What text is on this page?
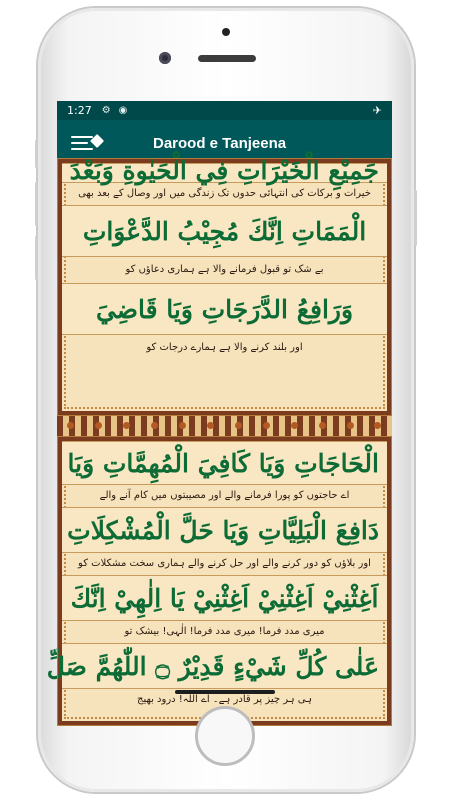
1:27 ⚙ ◉	✈
Darood e Tanjeena
جَمِيْعِ الْخَيْرَاتِ فِي الْحَيٰوةِ وَبَعْدَ
خیرات و برکات کی انتہائی حدوں تک زندگی میں اور وصال کے بعد بھی
الْمَمَاتِ اِنَّكَ مُجِيْبُ الدَّعْوَاتِ
بے شک تو قبول فرمانے والا ہے ہماری دعاؤں کو
وَرَافِعُ الدَّرَجَاتِ وَيَا قَاضِيَ
اور بلند کرنے والا ہے ہمارے درجات کو
الْحَاجَاتِ وَيَا كَافِيَ الْمُهِمَّاتِ وَيَا
اے حاجتوں کو پورا فرمانے والے اور مصیبتوں میں کام آنے والے
دَافِعَ الْبَلِيَّاتِ وَيَا حَلَّ الْمُشْكِلَاتِ
اور بلاؤں کو دور کرنے والے اور حل کرنے والے ہماری سخت مشکلات کو
اَغِثْنِيْ اَغِثْنِيْ اَغِثْنِيْ يَا اِلٰهِيْ اِنَّكَ
میری مدد فرما! میری مدد فرما! الٰہی! بیشک تو
عَلٰى كُلِّ شَيْءٍ قَدِيْرٌ ۝ اللّٰهُمَّ صَلِّ
ہی ہر چیز پر قادر ہے۔ اے اللہ! درود بھیج
